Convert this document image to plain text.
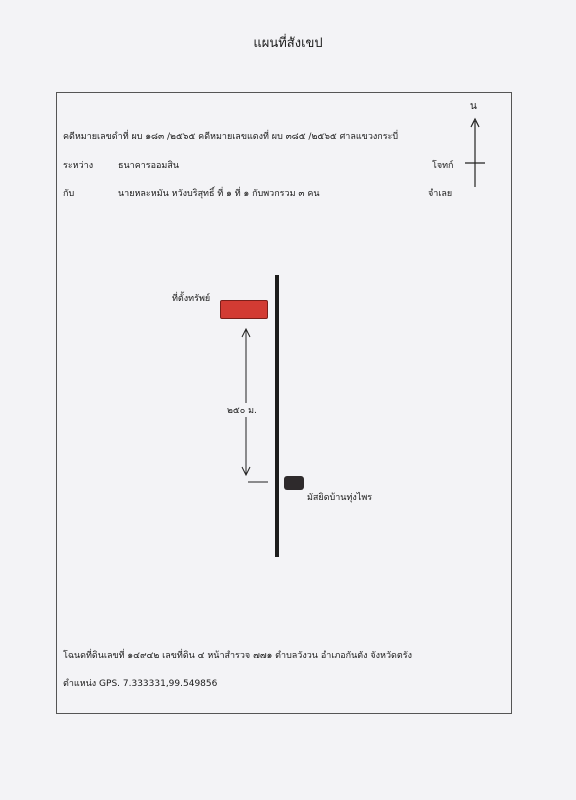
แผนที่สังเขป
คดีหมายเลขดำที่ ผบ ๑๘๓ /๒๕๖๕ คดีหมายเลขแดงที่ ผบ ๓๘๕ /๒๕๖๕ ศาลแขวงกระบี่
ระหว่าง	ธนาคารออมสิน	โจทก์
กับ	นายหละหมัน หวังบริสุทธิ์ ที่ ๑ ที่ ๑ กับพวกรวม ๓ คน	จำเลย
น
ที่ตั้งทรัพย์
๒๕๐ ม.
มัสยิดบ้านทุ่งไพร
โฉนดที่ดินเลขที่ ๑๔๙๔๒ เลขที่ดิน ๔ หน้าสำรวจ ๗๗๑ ตำบลวังวน อำเภอกันตัง จังหวัดตรัง
ตำแหน่ง GPS. 7.333331,99.549856
